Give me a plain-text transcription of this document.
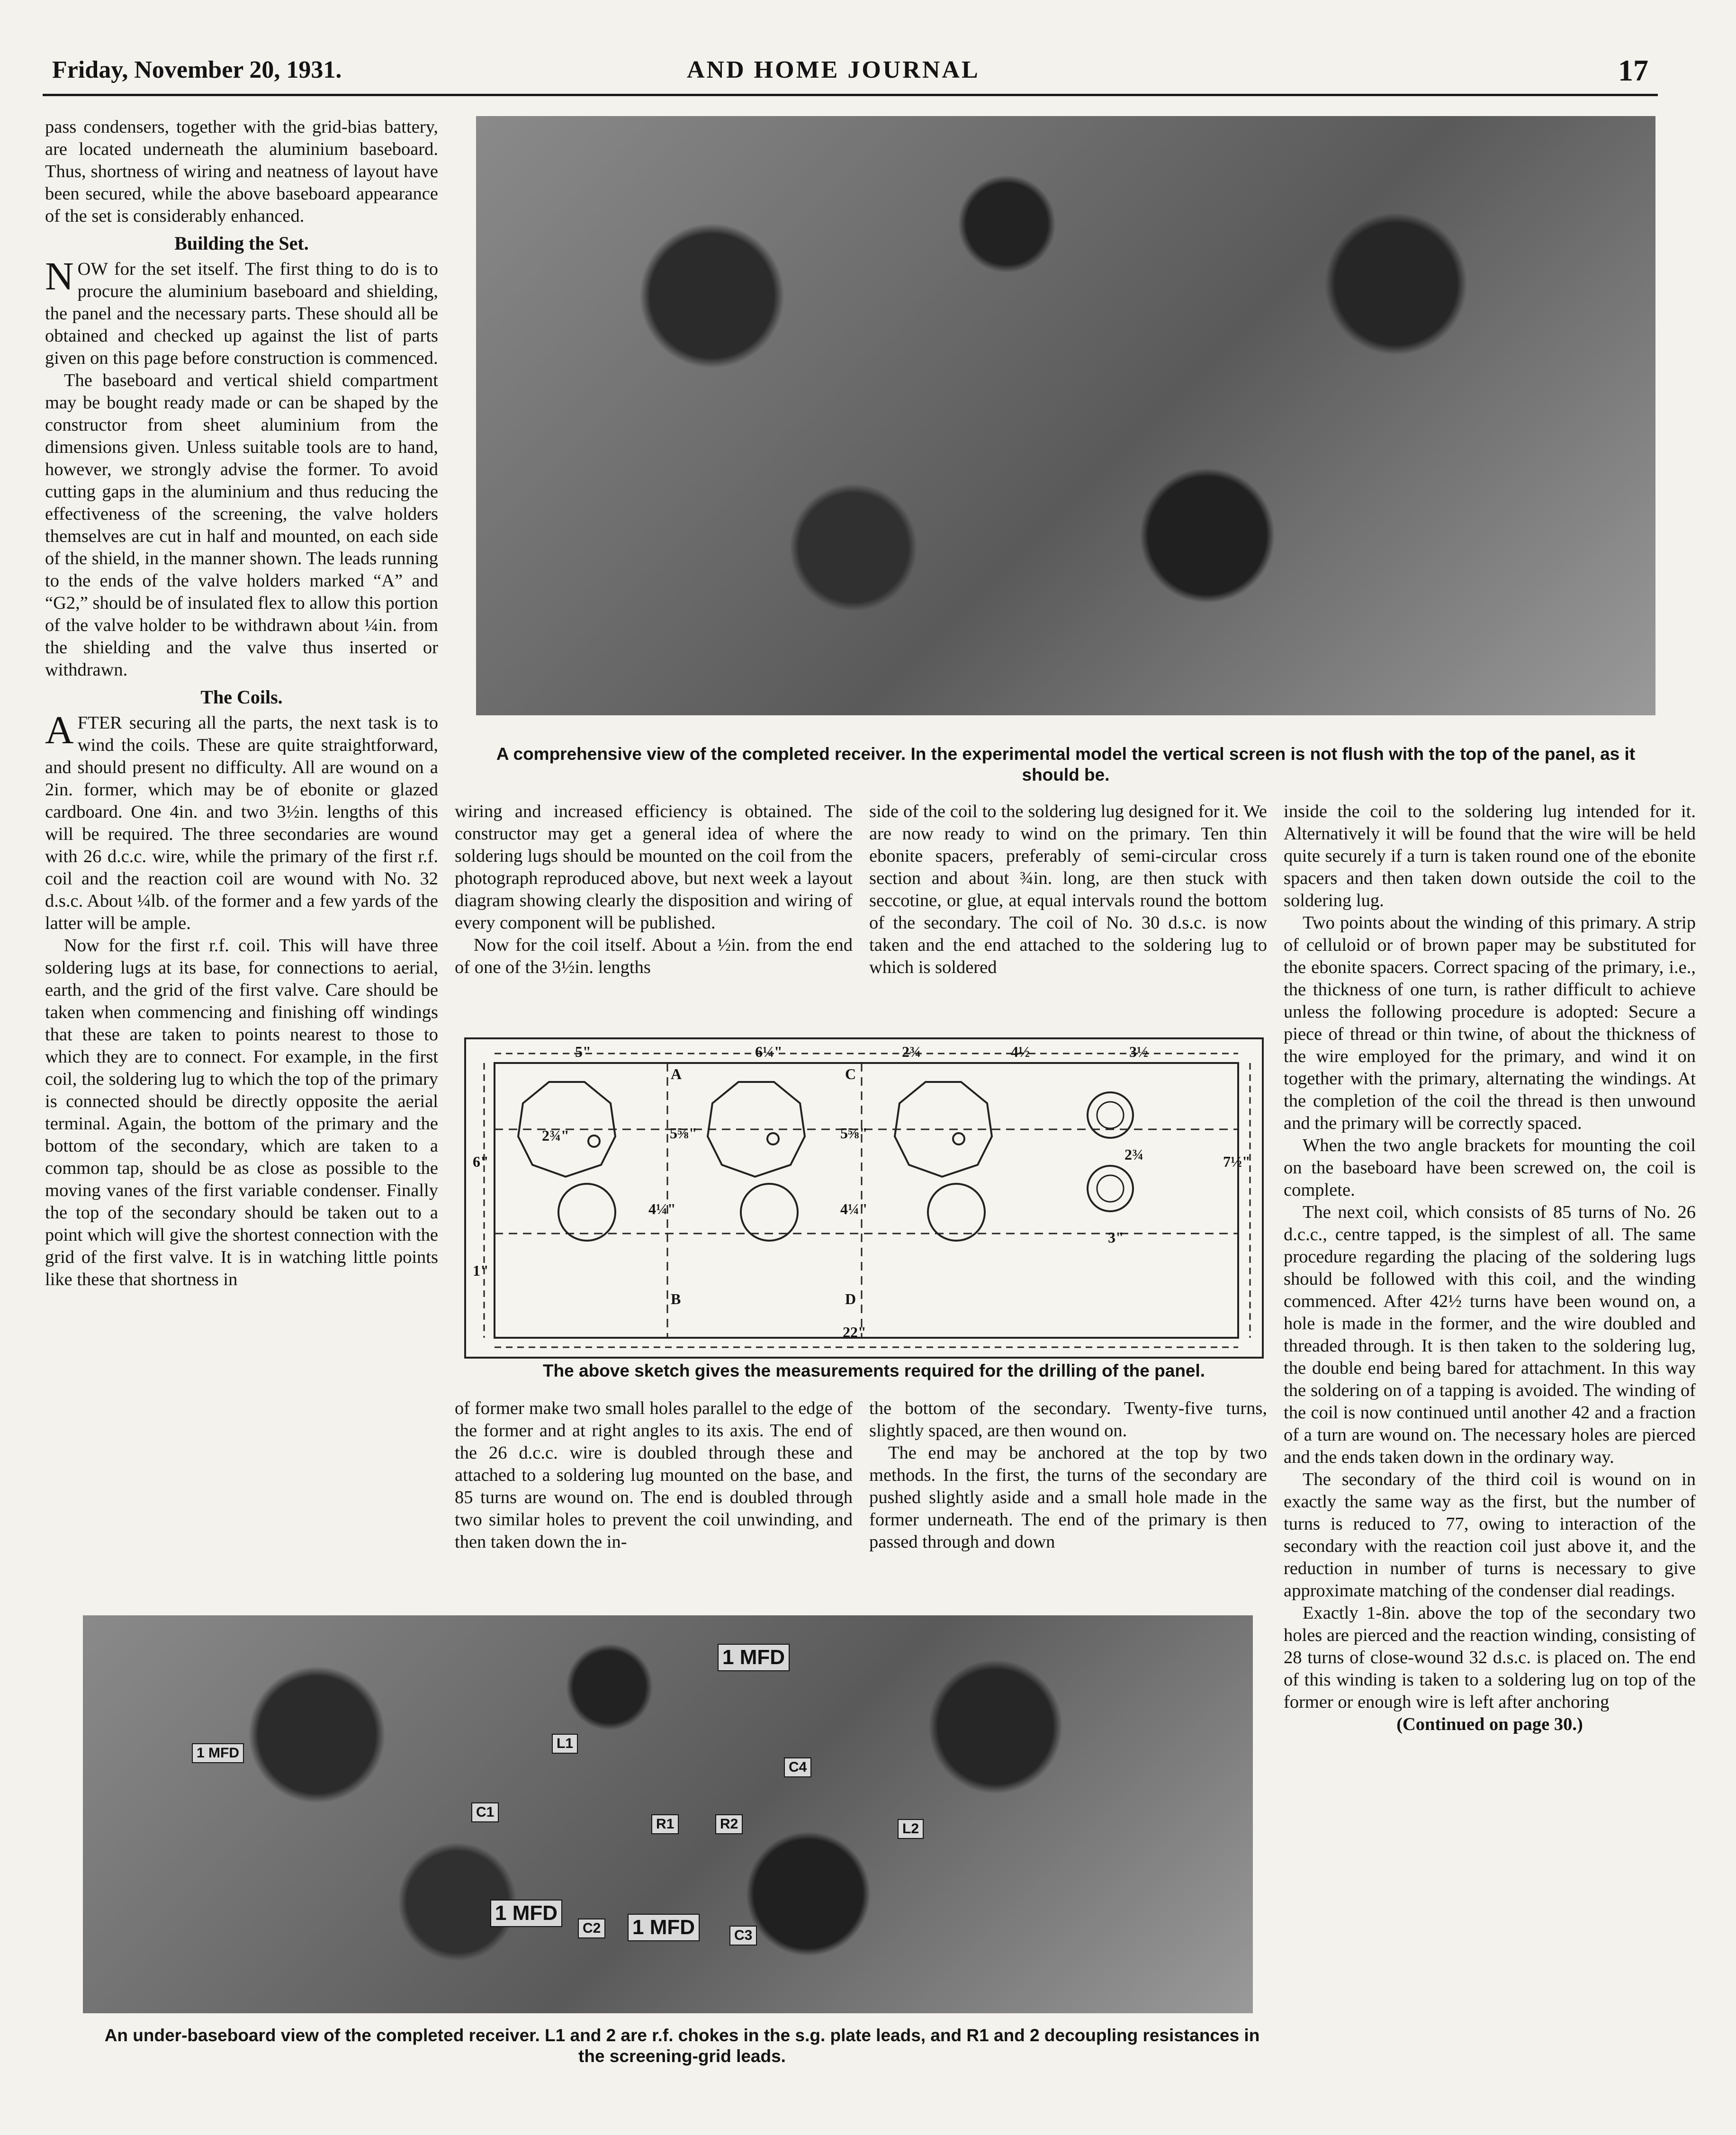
Friday, November 20, 1931.	AND HOME JOURNAL	17

pass condensers, together with the grid-bias battery, are located underneath the aluminium baseboard. Thus, shortness of wiring and neatness of layout have been secured, while the above baseboard appearance of the set is considerably enhanced.

Building the Set.

NOW for the set itself. The first thing to do is to procure the aluminium baseboard and shielding, the panel and the necessary parts. These should all be obtained and checked up against the list of parts given on this page before construction is commenced.

The baseboard and vertical shield compartment may be bought ready made or can be shaped by the constructor from sheet aluminium from the dimensions given. Unless suitable tools are to hand, however, we strongly advise the former. To avoid cutting gaps in the aluminium and thus reducing the effectiveness of the screening, the valve holders themselves are cut in half and mounted, on each side of the shield, in the manner shown. The leads running to the ends of the valve holders marked “A” and “G2,” should be of insulated flex to allow this portion of the valve holder to be withdrawn about ¼in. from the shielding and the valve thus inserted or withdrawn.

The Coils.

AFTER securing all the parts, the next task is to wind the coils. These are quite straightforward, and should present no difficulty. All are wound on a 2in. former, which may be of ebonite or glazed cardboard. One 4in. and two 3½in. lengths of this will be required. The three secondaries are wound with 26 d.c.c. wire, while the primary of the first r.f. coil and the reaction coil are wound with No. 32 d.s.c. About ¼lb. of the former and a few yards of the latter will be ample.

Now for the first r.f. coil. This will have three soldering lugs at its base, for connections to aerial, earth, and the grid of the first valve. Care should be taken when commencing and finishing off windings that these are taken to points nearest to those to which they are to connect. For example, in the first coil, the soldering lug to which the top of the primary is connected should be directly opposite the aerial terminal. Again, the bottom of the primary and the bottom of the secondary, which are taken to a common tap, should be as close as possible to the moving vanes of the first variable condenser. Finally the top of the secondary should be taken out to a point which will give the shortest connection with the grid of the first valve. It is in watching little points like these that shortness in

A comprehensive view of the completed receiver. In the experimental model the vertical screen is not flush with the top of the panel, as it should be.

wiring and increased efficiency is obtained. The constructor may get a general idea of where the soldering lugs should be mounted on the coil from the photograph reproduced above, but next week a layout diagram showing clearly the disposition and wiring of every component will be published.

Now for the coil itself. About a ½in. from the end of one of the 3½in. lengths

of former make two small holes parallel to the edge of the former and at right angles to its axis. The end of the 26 d.c.c. wire is doubled through these and attached to a soldering lug mounted on the base, and 85 turns are wound on. The end is doubled through two similar holes to prevent the coil unwinding, and then taken down the in-

side of the coil to the soldering lug designed for it. We are now ready to wind on the primary. Ten thin ebonite spacers, preferably of semi-circular cross section and about ¾in. long, are then stuck with seccotine, or glue, at equal intervals round the bottom of the secondary. The coil of No. 30 d.s.c. is now taken and the end attached to the soldering lug to which is soldered

the bottom of the secondary. Twenty-five turns, slightly spaced, are then wound on.

The end may be anchored at the top by two methods. In the first, the turns of the secondary are pushed slightly aside and a small hole made in the former underneath. The end of the primary is then passed through and down

5"	6¼"	2¾	4½	3½
2¾"	5⅝"	5⅝"
2¾
4¼"	4¼"
6"	7½"
3"
1"
22"
A
B
C
D
The above sketch gives the measurements required for the drilling of the panel.

inside the coil to the soldering lug intended for it. Alternatively it will be found that the wire will be held quite securely if a turn is taken round one of the ebonite spacers and then taken down outside the coil to the soldering lug.

Two points about the winding of this primary. A strip of celluloid or of brown paper may be substituted for the ebonite spacers. Correct spacing of the primary, i.e., the thickness of one turn, is rather difficult to achieve unless the following procedure is adopted: Secure a piece of thread or thin twine, of about the thickness of the wire employed for the primary, and wind it on together with the primary, alternating the windings. At the completion of the coil the thread is then unwound and the primary will be correctly spaced.

When the two angle brackets for mounting the coil on the baseboard have been screwed on, the coil is complete.

The next coil, which consists of 85 turns of No. 26 d.c.c., centre tapped, is the simplest of all. The same procedure regarding the placing of the soldering lugs should be followed with this coil, and the winding commenced. After 42½ turns have been wound on, a hole is made in the former, and the wire doubled and threaded through. It is then taken to the soldering lug, the double end being bared for attachment. In this way the soldering on of a tapping is avoided. The winding of the coil is now continued until another 42 and a fraction of a turn are wound on. The necessary holes are pierced and the ends taken down in the ordinary way.

The secondary of the third coil is wound on in exactly the same way as the first, but the number of turns is reduced to 77, owing to interaction of the secondary with the reaction coil just above it, and the reduction in number of turns is necessary to give approximate matching of the condenser dial readings.

Exactly 1-8in. above the top of the secondary two holes are pierced and the reaction winding, consisting of 28 turns of close-wound 32 d.s.c. is placed on. The end of this winding is taken to a soldering lug on top of the former or enough wire is left after anchoring

(Continued on page 30.)

1 MFD
1 MFD
1 MFD
1 MFD
L1
L2
C1
C2	C3
C4
R1	R2
An under-baseboard view of the completed receiver. L1 and 2 are r.f. chokes in the s.g. plate leads, and R1 and 2 decoupling resistances in the screening-grid leads.
